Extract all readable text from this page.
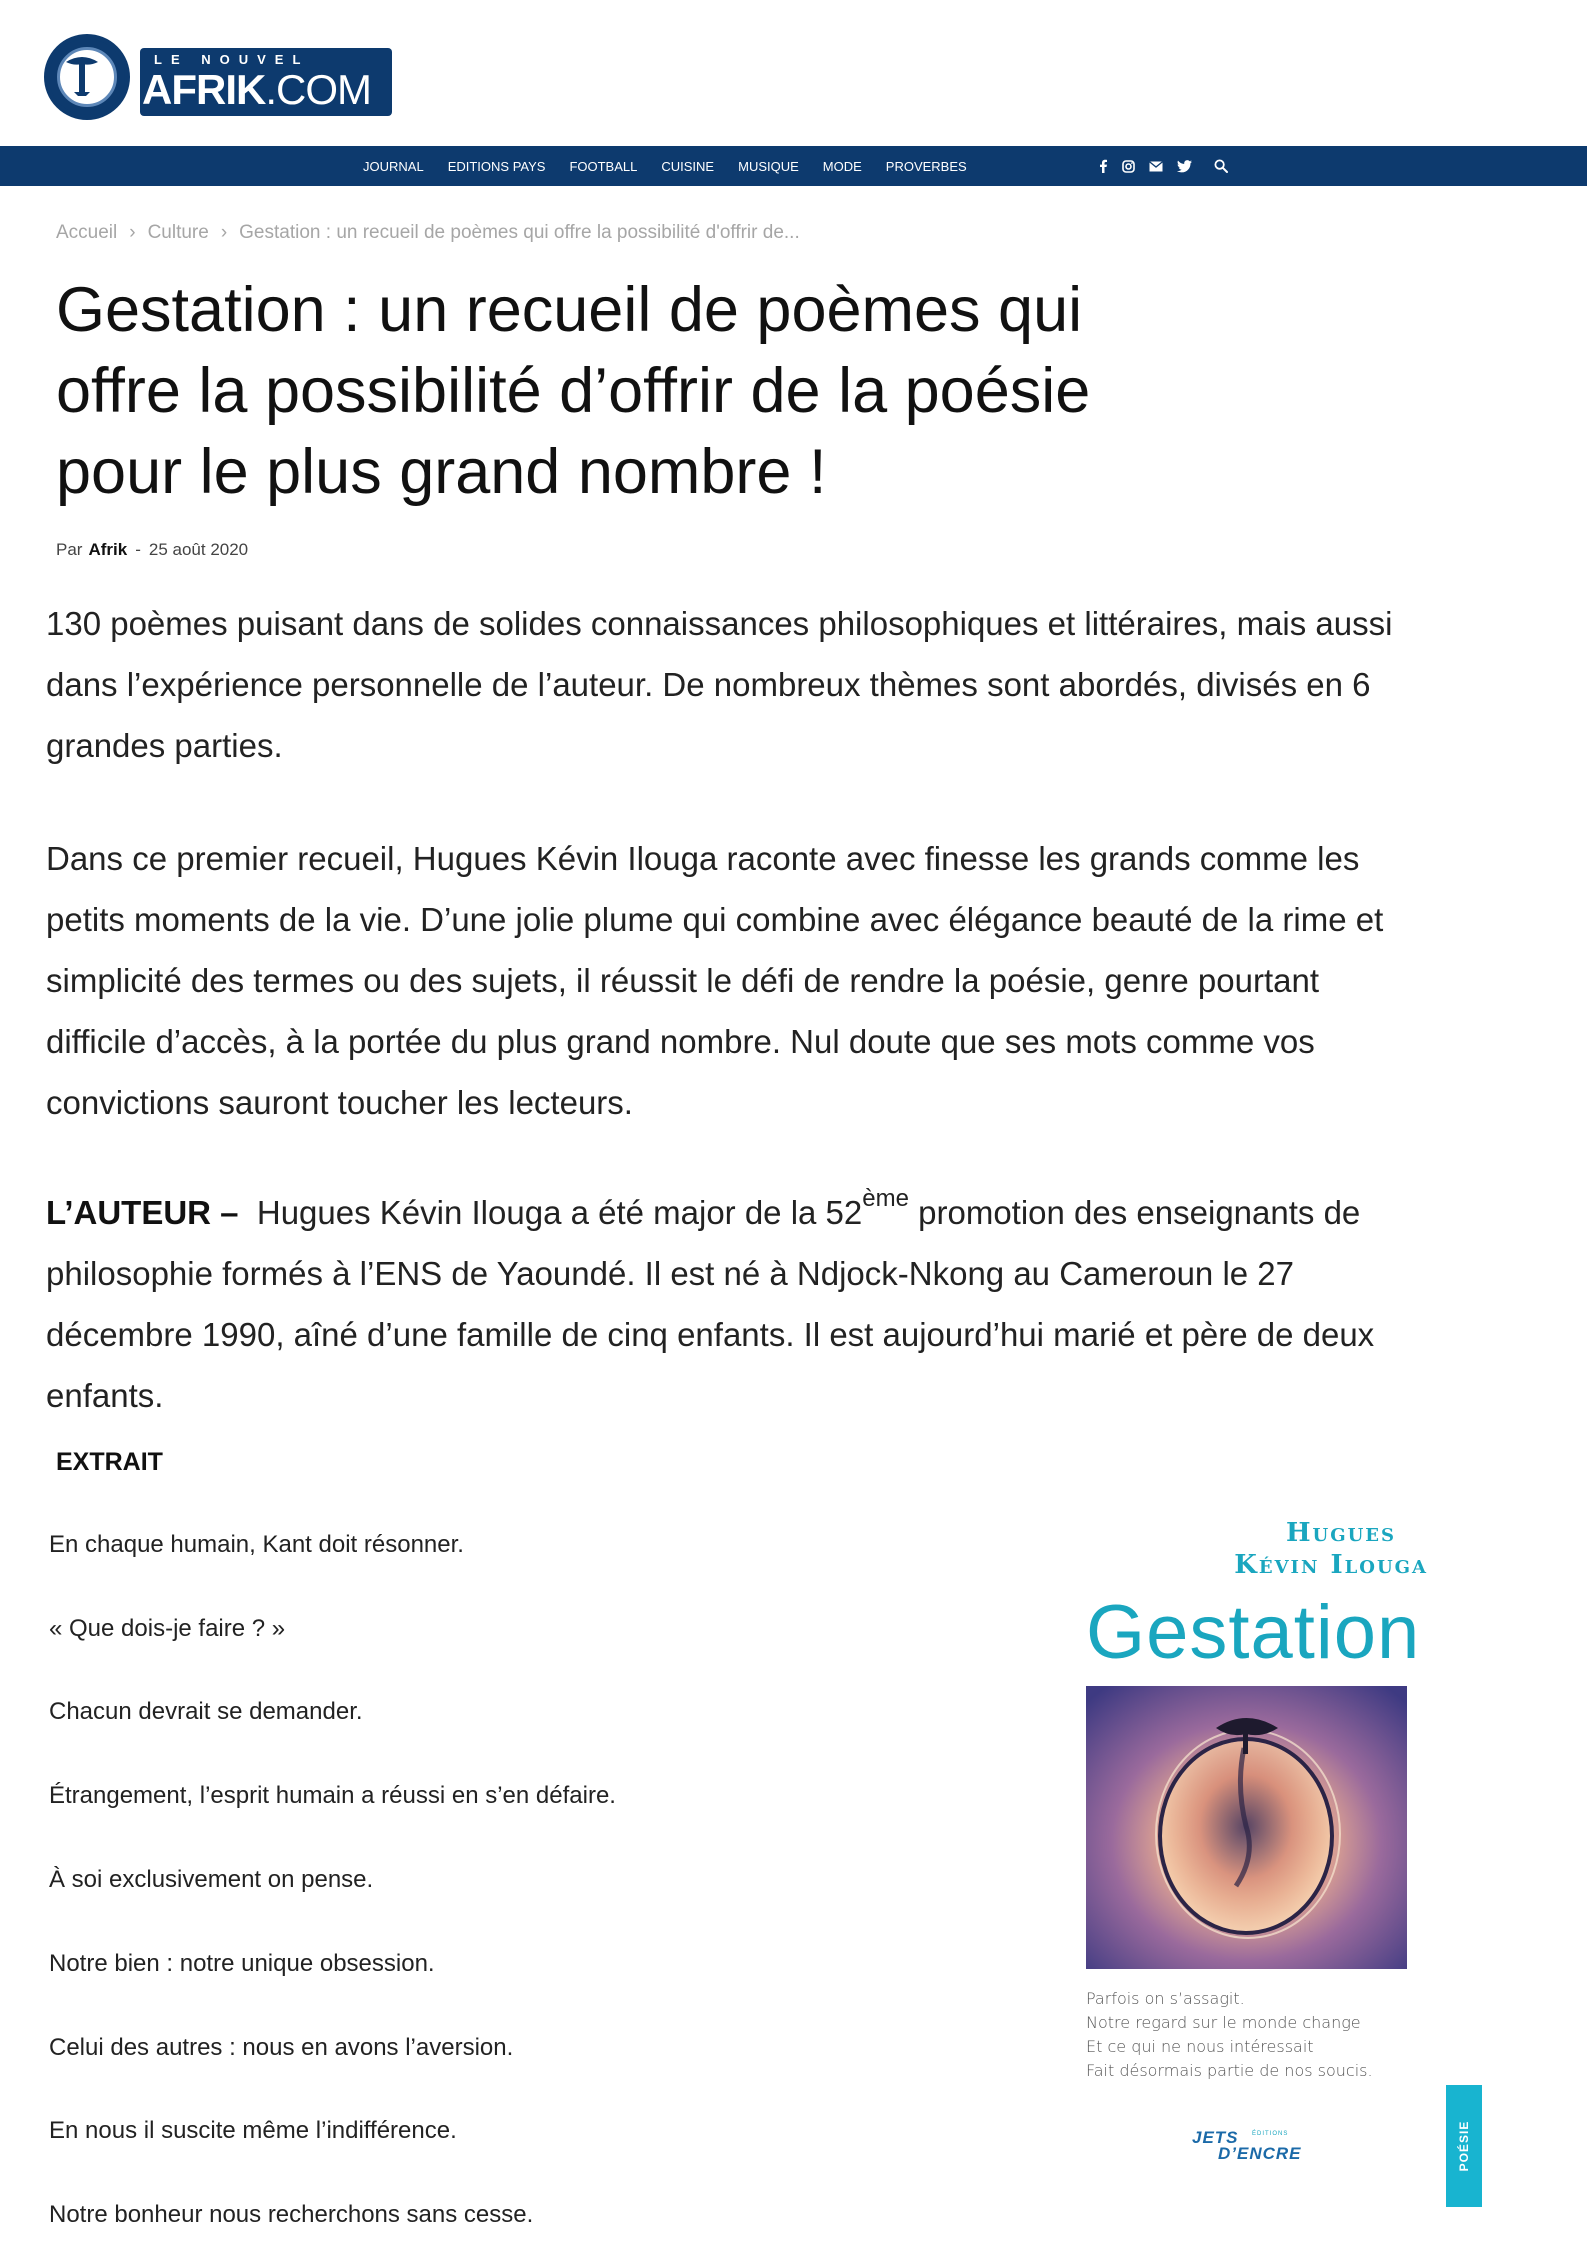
LE NOUVEL
AFRIK.COM
JOURNAL EDITIONS PAYS FOOTBALL CUISINE MUSIQUE MODE PROVERBES
Accueil › Culture › Gestation : un recueil de poèmes qui offre la possibilité d'offrir de...
Gestation : un recueil de poèmes qui offre la possibilité d’offrir de la poésie pour le plus grand nombre !
Par Afrik - 25 août 2020

130 poèmes puisant dans de solides connaissances philosophiques et littéraires, mais aussi dans l’expérience personnelle de l’auteur. De nombreux thèmes sont abordés, divisés en 6 grandes parties.

Dans ce premier recueil, Hugues Kévin Ilouga raconte avec finesse les grands comme les petits moments de la vie. D’une jolie plume qui combine avec élégance beauté de la rime et simplicité des termes ou des sujets, il réussit le défi de rendre la poésie, genre pourtant difficile d’accès, à la portée du plus grand nombre. Nul doute que ses mots comme vos convictions sauront toucher les lecteurs.

L’AUTEUR – Hugues Kévin Ilouga a été major de la 52ème promotion des enseignants de philosophie formés à l’ENS de Yaoundé. Il est né à Ndjock-Nkong au Cameroun le 27 décembre 1990, aîné d’une famille de cinq enfants. Il est aujourd’hui marié et père de deux enfants.

EXTRAIT
En chaque humain, Kant doit résonner.
« Que dois-je faire ? »
Chacun devrait se demander.
Étrangement, l’esprit humain a réussi en s’en défaire.
À soi exclusivement on pense.
Notre bien : notre unique obsession.
Celui des autres : nous en avons l’aversion.
En nous il suscite même l’indifférence.
Notre bonheur nous recherchons sans cesse.
Hugues
Kévin Ilouga
Gestation
Parfois on s’assagit.
Notre regard sur le monde change
Et ce qui ne nous intéressait
Fait désormais partie de nos soucis.
JETS ÉDITIONS
D’ENCRE	POÉSIE
